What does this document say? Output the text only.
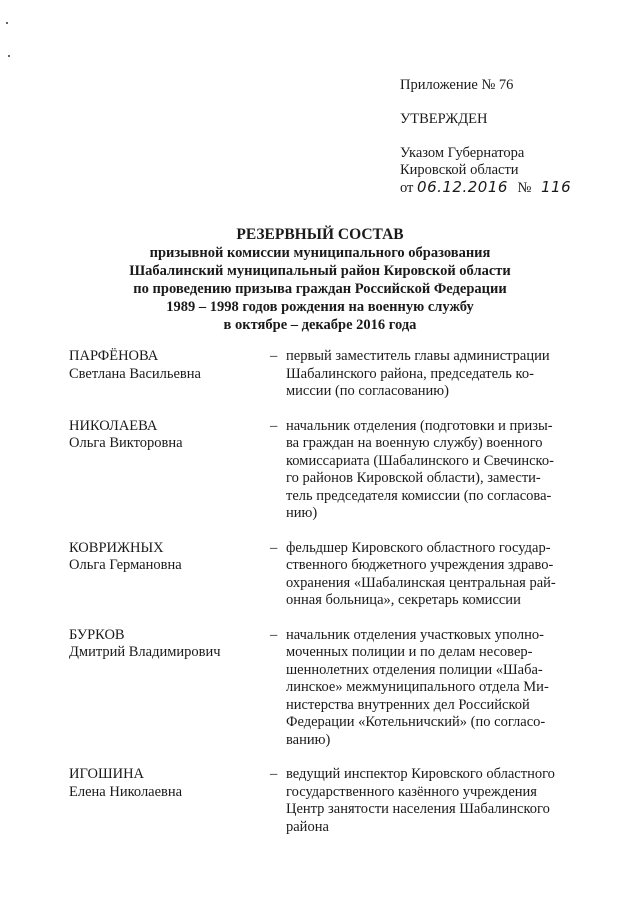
Приложение № 76
УТВЕРЖДЕН
Указом Губернатора
Кировской области
от 06.12.2016 № 116
РЕЗЕРВНЫЙ СОСТАВ
призывной комиссии муниципального образования
Шабалинский муниципальный район Кировской области
по проведению призыва граждан Российской Федерации
1989 – 1998 годов рождения на военную службу
в октябре – декабре 2016 года
ПАРФЁНОВА
Светлана Васильевна
– первый заместитель главы администрации
Шабалинского района, председатель ко-
миссии (по согласованию)
НИКОЛАЕВА
Ольга Викторовна
– начальник отделения (подготовки и призы-
ва граждан на военную службу) военного
комиссариата (Шабалинского и Свечинско-
го районов Кировской области), замести-
тель председателя комиссии (по согласова-
нию)
КОВРИЖНЫХ
Ольга Германовна
– фельдшер Кировского областного государ-
ственного бюджетного учреждения здраво-
охранения «Шабалинская центральная рай-
онная больница», секретарь комиссии
БУРКОВ
Дмитрий Владимирович
– начальник отделения участковых уполно-
моченных полиции и по делам несовер-
шеннолетних отделения полиции «Шаба-
линское» межмуниципального отдела Ми-
нистерства внутренних дел Российской
Федерации «Котельничский» (по согласо-
ванию)
ИГОШИНА
Елена Николаевна
– ведущий инспектор Кировского областного
государственного казённого учреждения
Центр занятости населения Шабалинского
района
